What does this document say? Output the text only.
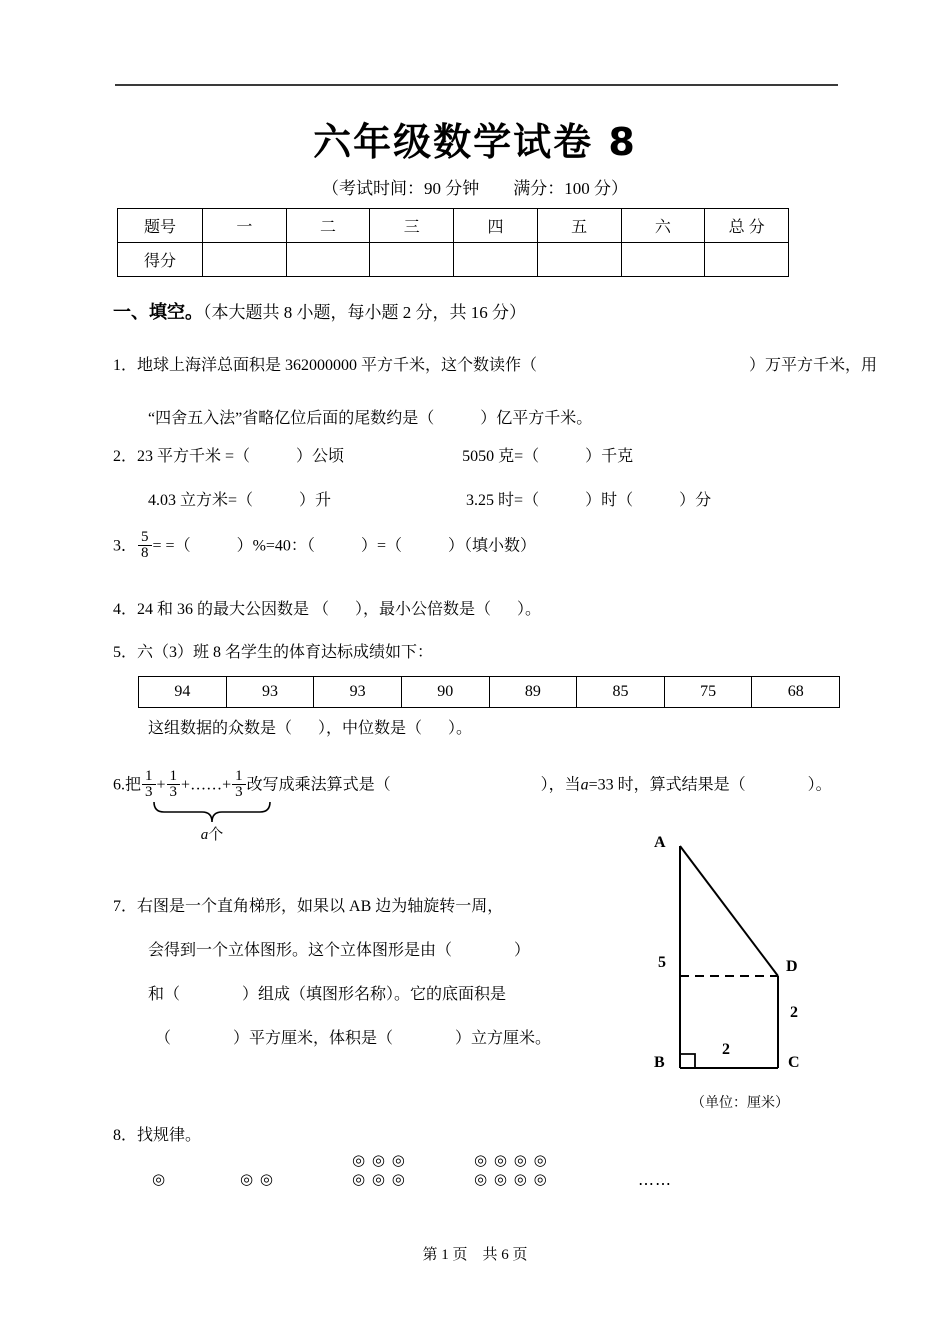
六年级数学试卷 8
（考试时间：90 分钟　　满分：100 分）
题号	一	二	三	四	五	六	总 分
得分							
一、填空。（本大题共 8 小题，每小题 2 分，共 16 分）
1．地球上海洋总面积是 362000000 平方千米，这个数读作（	）万平方千米，用
“四舍五入法”省略亿位后面的尾数约是（	）亿平方千米。
2．23 平方千米 =（	）公顷	5050 克=（	）千克
4.03 立方米=（	）升	3.25 时=（	）时（	）分
3． $\frac{5}{8}$ = =（	）%=40：（	）=（	）（填小数）
4．24 和 36 的最大公因数是 （ ），最小公倍数是（ ）。
5．六（3）班 8 名学生的体育达标成绩如下：
94	93	93	90	89	85	75	68
这组数据的众数是（ ），中位数是（ ）。
6.把 $\frac{1}{3} + \frac{1}{3}$ +……+ $\frac{1}{3}$ 改写成乘法算式是（	），当a=33 时，算式结果是（	）。
a个
7．右图是一个直角梯形，如果以 AB 边为轴旋转一周，
会得到一个立体图形。这个立体图形是由（	）
和（	）组成（填图形名称）。它的底面积是
（	）平方厘米，体积是（	）立方厘米。
A
B	C
D
5
2
2
（单位：厘米）
8．找规律。
◎	◎ ◎
◎ ◎ ◎
◎ ◎ ◎
◎ ◎ ◎ ◎
◎ ◎ ◎ ◎	……
第 1 页　共 6 页
